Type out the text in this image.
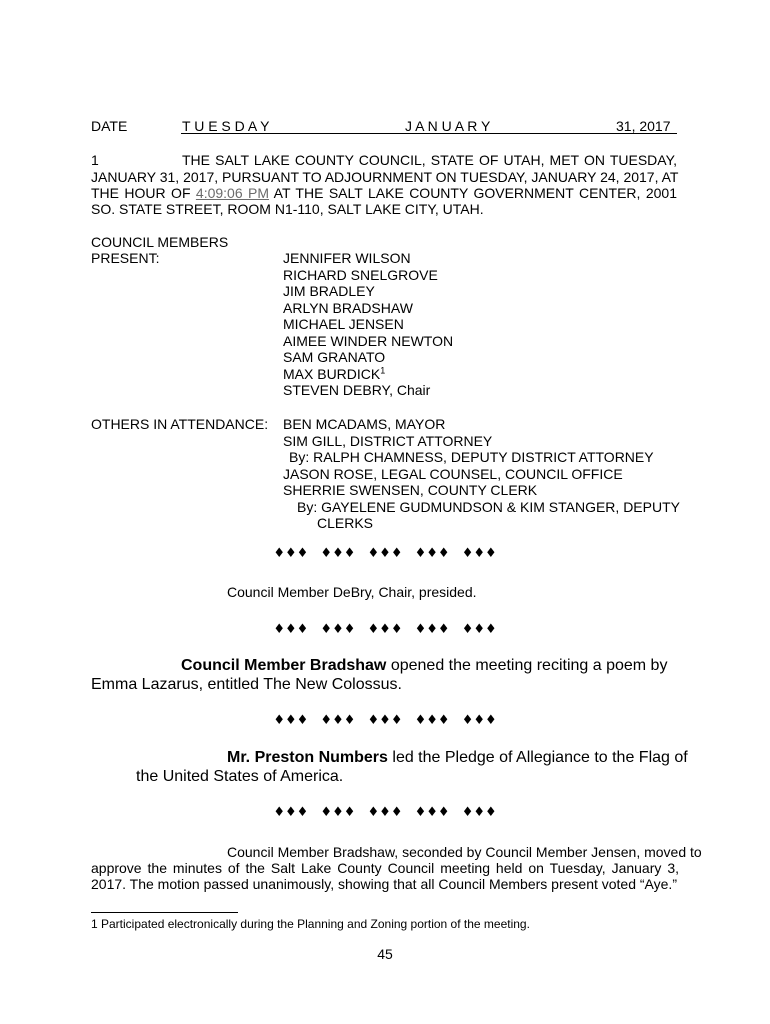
DATE	T U E S D A Y	J A N U A R Y	31, 2017
1	THE SALT LAKE COUNTY COUNCIL, STATE OF UTAH, MET ON TUESDAY,
JANUARY 31, 2017, PURSUANT TO ADJOURNMENT ON TUESDAY, JANUARY 24, 2017, AT
THE HOUR OF 4:09:06 PM AT THE SALT LAKE COUNTY GOVERNMENT CENTER, 2001
SO. STATE STREET, ROOM N1-110, SALT LAKE CITY, UTAH.
COUNCIL MEMBERS
PRESENT:	JENNIFER WILSON
RICHARD SNELGROVE
JIM BRADLEY
ARLYN BRADSHAW
MICHAEL JENSEN
AIMEE WINDER NEWTON
SAM GRANATO
MAX BURDICK$^1$
STEVEN DEBRY, Chair
OTHERS IN ATTENDANCE: BEN MCADAMS, MAYOR
SIM GILL, DISTRICT ATTORNEY
By: RALPH CHAMNESS, DEPUTY DISTRICT ATTORNEY
JASON ROSE, LEGAL COUNSEL, COUNCIL OFFICE
SHERRIE SWENSEN, COUNTY CLERK
By: GAYELENE GUDMUNDSON & KIM STANGER, DEPUTY
CLERKS
♦♦♦ ♦♦♦ ♦♦♦ ♦♦♦ ♦♦♦
Council Member DeBry, Chair, presided.
♦♦♦ ♦♦♦ ♦♦♦ ♦♦♦ ♦♦♦
Council Member Bradshaw opened the meeting reciting a poem by
Emma Lazarus, entitled The New Colossus.
♦♦♦ ♦♦♦ ♦♦♦ ♦♦♦ ♦♦♦
Mr. Preston Numbers led the Pledge of Allegiance to the Flag of
the United States of America.
♦♦♦ ♦♦♦ ♦♦♦ ♦♦♦ ♦♦♦
Council Member Bradshaw, seconded by Council Member Jensen, moved to
approve the minutes of the Salt Lake County Council meeting held on Tuesday, January 3,
2017. The motion passed unanimously, showing that all Council Members present voted “Aye.”
1 Participated electronically during the Planning and Zoning portion of the meeting.
45
